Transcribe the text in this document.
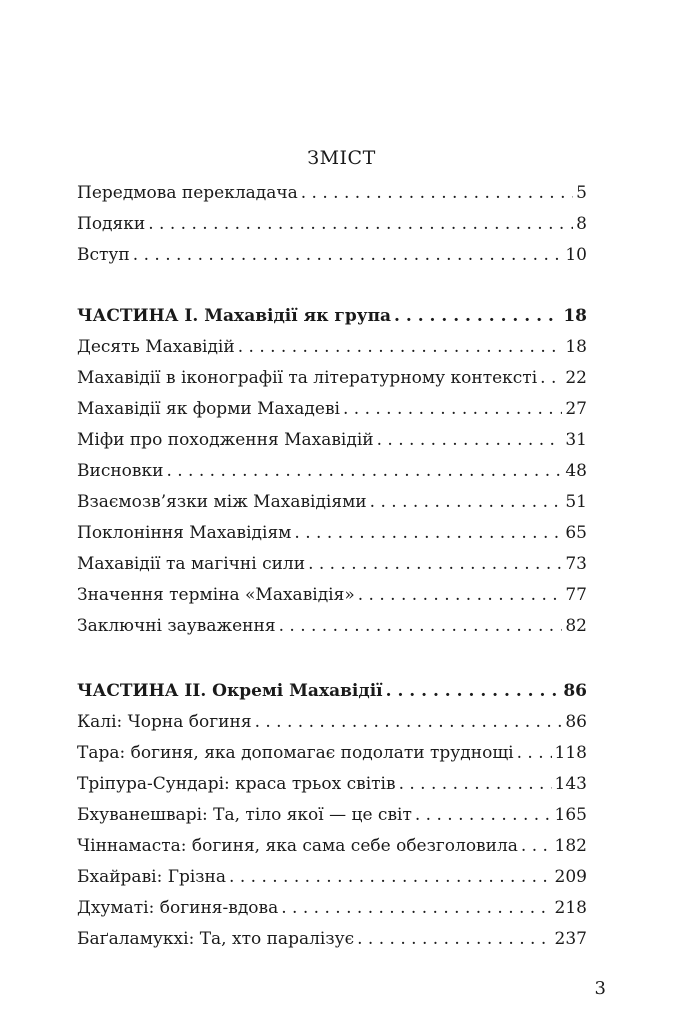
ЗМІСТ
Передмова перекладача . . .	5
Подяки . . .	8
Вступ . . .	10
ЧАСТИНА I. Махавідії як група . . .	18
Десять Махавідій . . .	18
Махавідії в іконографії та літературному контексті . . . 22
Махавідії як форми Махадеві . . .	27
Міфи про походження Махавідій . . .	31
Висновки . . .	48
Взаємозв’язки між Махавідіями . . .	51
Поклоніння Махавідіям . . .	65
Махавідії та магічні сили . . .	73
Значення терміна «Махавідія» . . .	77
Заключні зауваження . . .	82
ЧАСТИНА II. Окремі Махавідії . . .	86
Калі: Чорна богиня . . .	86
Тара: богиня, яка допомагає подолати труднощі . . . 118
Тріпура-Сундарі: краса трьох світів . . .	143
Бхуванешварі: Та, тіло якої — це світ . . .	165
Чіннамаста: богиня, яка сама себе обезголовила . . . 182
Бхайраві: Грізна . . .	209
Дхуматі: богиня-вдова . . .	218
Баґаламукхі: Та, хто паралізує . . .	237
3
